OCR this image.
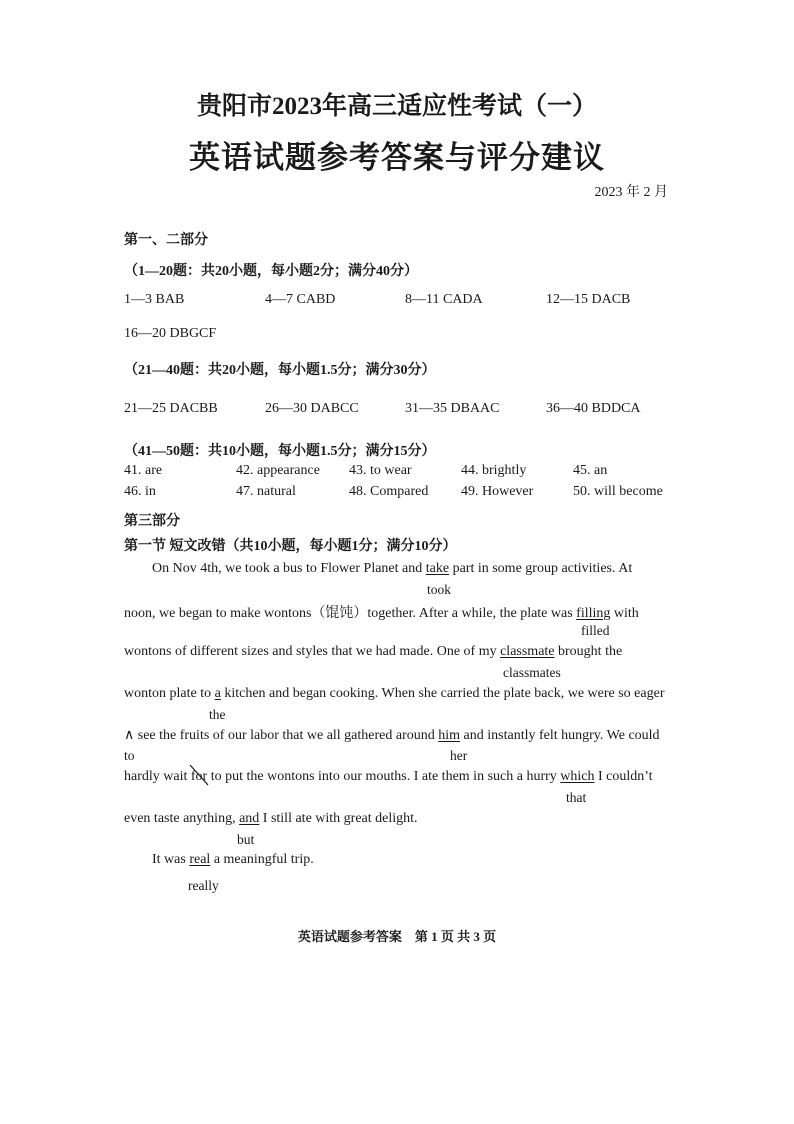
贵阳市2023年高三适应性考试（一）
英语试题参考答案与评分建议
2023 年 2 月
第一、二部分
（1—20题：共20小题，每小题2分；满分40分）
1—3 BAB	4—7 CABD	8—11 CADA	12—15 DACB
16—20 DBGCF
（21—40题：共20小题，每小题1.5分；满分30分）
21—25 DACBB	26—30 DABCC	31—35 DBAAC	36—40 BDDCA
（41—50题：共10小题，每小题1.5分；满分15分）
41. are	42. appearance 43. to wear	44. brightly	45. an
46. in	47. natural	48. Compared 49. However	50. will become
第三部分
第一节 短文改错（共10小题，每小题1分；满分10分）
On Nov 4th, we took a bus to Flower Planet and take part in some group activities. At
took
noon, we began to make wontons（馄饨）together. After a while, the plate was filling with
filled
wontons of different sizes and styles that we had made. One of my classmate brought the
classmates
wonton plate to a kitchen and began cooking. When she carried the plate back, we were so eager
the
∧ see the fruits of our labor that we all gathered around him and instantly felt hungry. We could
to	her
hardly wait for
to put the wontons into our mouths. I ate them in such a hurry which I couldn’t
that
even taste anything, and I still ate with great delight.
but
It was real a meaningful trip.
really
英语试题参考答案　第 1 页 共 3 页
